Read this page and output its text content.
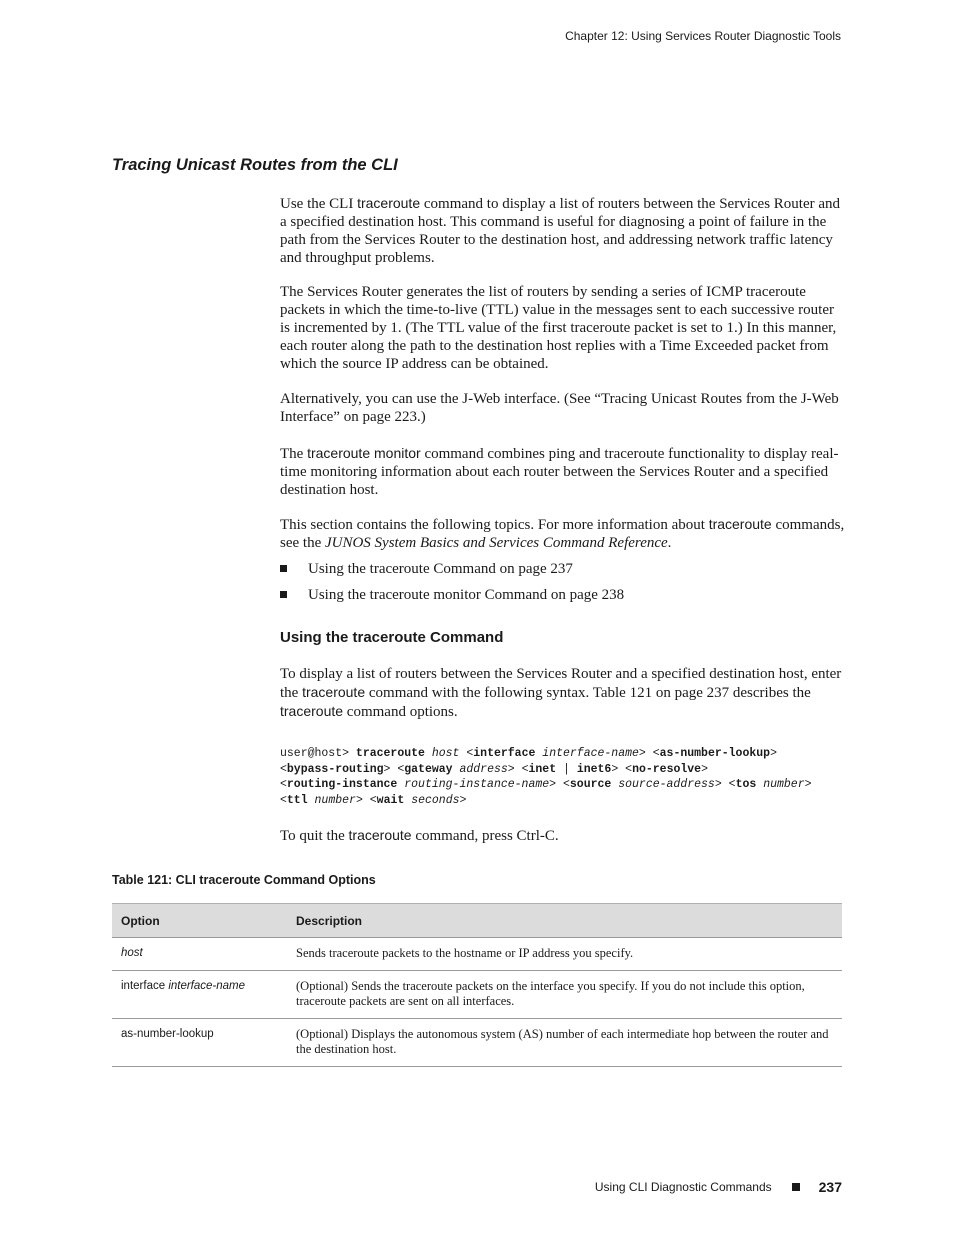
Chapter 12: Using Services Router Diagnostic Tools
Tracing Unicast Routes from the CLI

Use the CLI traceroute command to display a list of routers between the Services Router and a specified destination host. This command is useful for diagnosing a point of failure in the path from the Services Router to the destination host, and addressing network traffic latency and throughput problems.

The Services Router generates the list of routers by sending a series of ICMP traceroute packets in which the time-to-live (TTL) value in the messages sent to each successive router is incremented by 1. (The TTL value of the first traceroute packet is set to 1.) In this manner, each router along the path to the destination host replies with a Time Exceeded packet from which the source IP address can be obtained.

Alternatively, you can use the J-Web interface. (See “Tracing Unicast Routes from the J-Web Interface” on page 223.)

The traceroute monitor command combines ping and traceroute functionality to display real-time monitoring information about each router between the Services Router and a specified destination host.

This section contains the following topics. For more information about traceroute commands, see the JUNOS System Basics and Services Command Reference.

Using the traceroute Command on page 237
Using the traceroute monitor Command on page 238
Using the traceroute Command

To display a list of routers between the Services Router and a specified destination host, enter the traceroute command with the following syntax. Table 121 on page 237 describes the traceroute command options.

user@host> traceroute host <interface interface-name> <as-number-lookup>
<bypass-routing> <gateway address> <inet | inet6> <no-resolve>
<routing-instance routing-instance-name> <source source-address> <tos number>
<ttl number> <wait seconds>

To quit the traceroute command, press Ctrl-C.

Table 121: CLI traceroute Command Options

Option	Description
host	Sends traceroute packets to the hostname or IP address you specify.
interface interface-name	(Optional) Sends the traceroute packets on the interface you specify. If you do not include this option, traceroute packets are sent on all interfaces.
as-number-lookup	(Optional) Displays the autonomous system (AS) number of each intermediate hop between the router and the destination host.
Using CLI Diagnostic Commands	237
